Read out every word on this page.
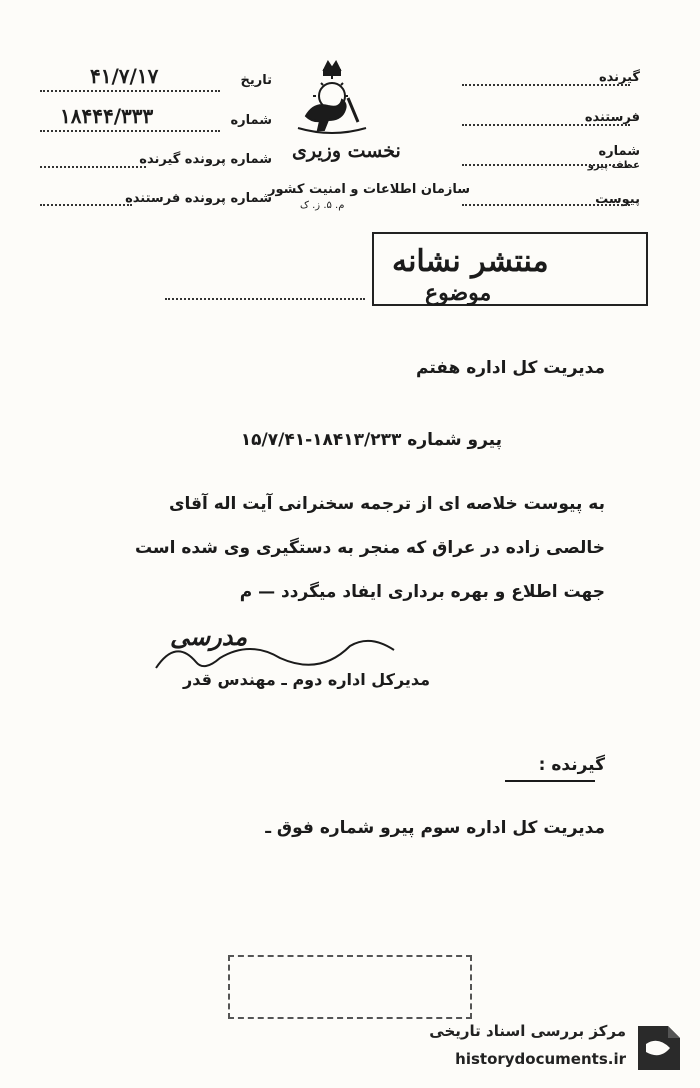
گیرنده
فرستنده
شماره
عطف پیرو
پیوست
نخست وزیری
سازمان اطلاعات و امنیت کشور
م. ۵. ز. ک
تاریخ
۴۱/۷/۱۷
شماره
۱۸۴۴۴/۳۳۳
شماره پرونده گیرنده
شماره پرونده فرستنده
منتشر نشانه
موضوع
مدیریت کل اداره هفتم
پیرو شماره ۱۸۴۱۳/۲۳۳-۱۵/۷/۴۱
به پیوست خلاصه ای از ترجمه سخنرانی آیت اله آقای
خالصی زاده در عراق که منجر به دستگیری وی شده است
جهت اطلاع و بهره برداری ایفاد میگردد — م
مدرسی
مدیرکل اداره دوم ـ مهندس قدر
گیرنده :
مدیریت کل اداره سوم پیرو شماره فوق ـ
مرکز بررسی اسناد تاریخی
historydocuments.ir
